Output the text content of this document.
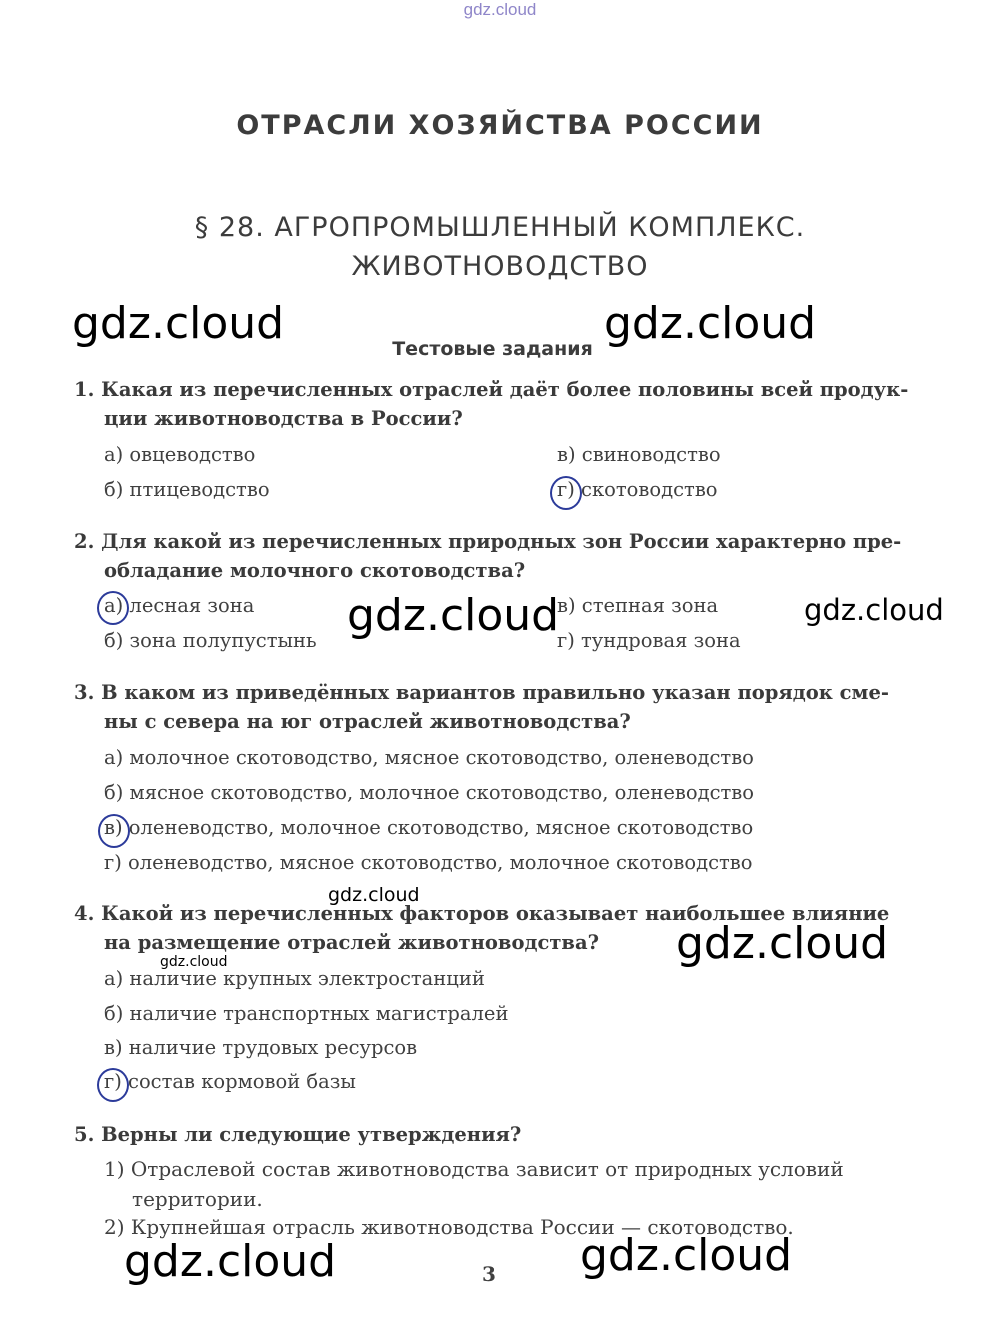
gdz.cloud
ОТРАСЛИ ХОЗЯЙСТВА РОССИИ
§ 28. АГРОПРОМЫШЛЕННЫЙ КОМПЛЕКС.
ЖИВОТНОВОДСТВО
Тестовые задания
1. Какая из перечисленных отраслей даёт более половины всей продук-
ции животноводства в России?
а) овцеводство
б) птицеводство
в) свиноводство
г) скотоводство
2. Для какой из перечисленных природных зон России характерно пре-
обладание молочного скотоводства?
а) лесная зона
б) зона полупустынь
в) степная зона
г) тундровая зона
3. В каком из приведённых вариантов правильно указан порядок сме-
ны с севера на юг отраслей животноводства?
а) молочное скотоводство, мясное скотоводство, оленеводство
б) мясное скотоводство, молочное скотоводство, оленеводство
в) оленеводство, молочное скотоводство, мясное скотоводство
г) оленеводство, мясное скотоводство, молочное скотоводство
4. Какой из перечисленных факторов оказывает наибольшее влияние
на размещение отраслей животноводства?
а) наличие крупных электростанций
б) наличие транспортных магистралей
в) наличие трудовых ресурсов
г) состав кормовой базы
5. Верны ли следующие утверждения?
1) Отраслевой состав животноводства зависит от природных условий
территории.
2) Крупнейшая отрасль животноводства России — скотоводство.
3
gdz.cloud	gdz.cloud
gdz.cloud	gdz.cloud
gdz.cloud
gdz.cloud	gdz.cloud
gdz.cloud	gdz.cloud
